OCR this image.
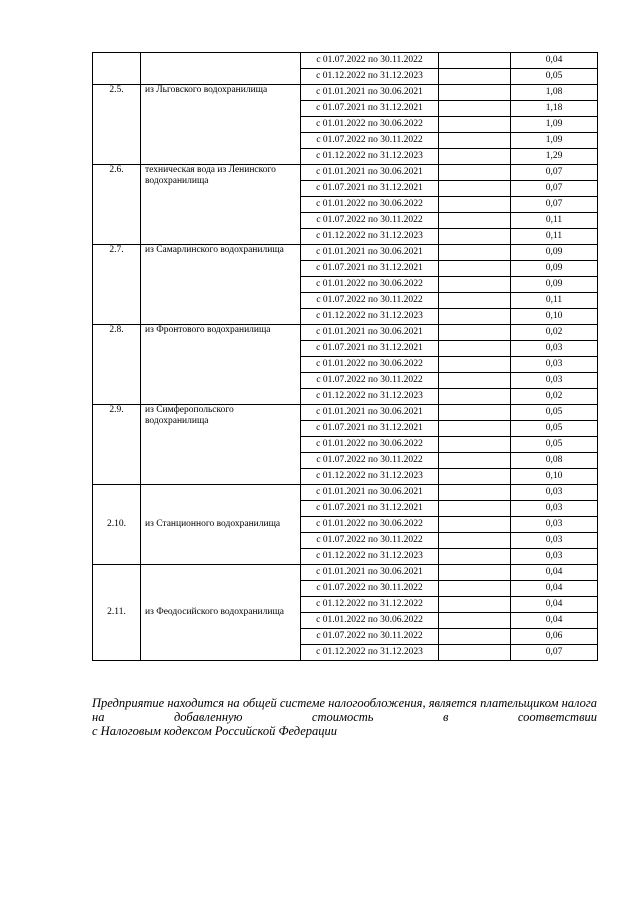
		с 01.07.2022 по 30.11.2022		0,04
		с 01.12.2022 по 31.12.2023		0,05
2.5.	из Льговского водохранилища	с 01.01.2021 по 30.06.2021		1,08
		с 01.07.2021 по 31.12.2021		1,18
		с 01.01.2022 по 30.06.2022		1,09
		с 01.07.2022 по 30.11.2022		1,09
		с 01.12.2022 по 31.12.2023		1,29
2.6.	техническая вода из Ленинского водохранилища	с 01.01.2021 по 30.06.2021		0,07
		с 01.07.2021 по 31.12.2021		0,07
		с 01.01.2022 по 30.06.2022		0,07
		с 01.07.2022 по 30.11.2022		0,11
		с 01.12.2022 по 31.12.2023		0,11
2.7.	из Самарлинского водохранилища	с 01.01.2021 по 30.06.2021		0,09
		с 01.07.2021 по 31.12.2021		0,09
		с 01.01.2022 по 30.06.2022		0,09
		с 01.07.2022 по 30.11.2022		0,11
		с 01.12.2022 по 31.12.2023		0,10
2.8.	из Фронтового водохранилища	с 01.01.2021 по 30.06.2021		0,02
		с 01.07.2021 по 31.12.2021		0,03
		с 01.01.2022 по 30.06.2022		0,03
		с 01.07.2022 по 30.11.2022		0,03
		с 01.12.2022 по 31.12.2023		0,02
2.9.	из Симферопольского водохранилища	с 01.01.2021 по 30.06.2021		0,05
		с 01.07.2021 по 31.12.2021		0,05
		с 01.01.2022 по 30.06.2022		0,05
		с 01.07.2022 по 30.11.2022		0,08
		с 01.12.2022 по 31.12.2023		0,10
2.10.	из Станционного водохранилища	с 01.01.2021 по 30.06.2021		0,03
		с 01.07.2021 по 31.12.2021		0,03
		с 01.01.2022 по 30.06.2022		0,03
		с 01.07.2022 по 30.11.2022		0,03
		с 01.12.2022 по 31.12.2023		0,03
2.11.	из Феодосийского водохранилища	с 01.01.2021 по 30.06.2021		0,04
		с 01.07.2022 по 30.11.2022		0,04
		с 01.12.2022 по 31.12.2022		0,04
		с 01.01.2022 по 30.06.2022		0,04
		с 01.07.2022 по 30.11.2022		0,06
		с 01.12.2022 по 31.12.2023		0,07
Предприятие находится на общей системе налогообложения, является плательщиком налога на добавленную стоимость в соответствии
с Налоговым кодексом Российской Федерации
